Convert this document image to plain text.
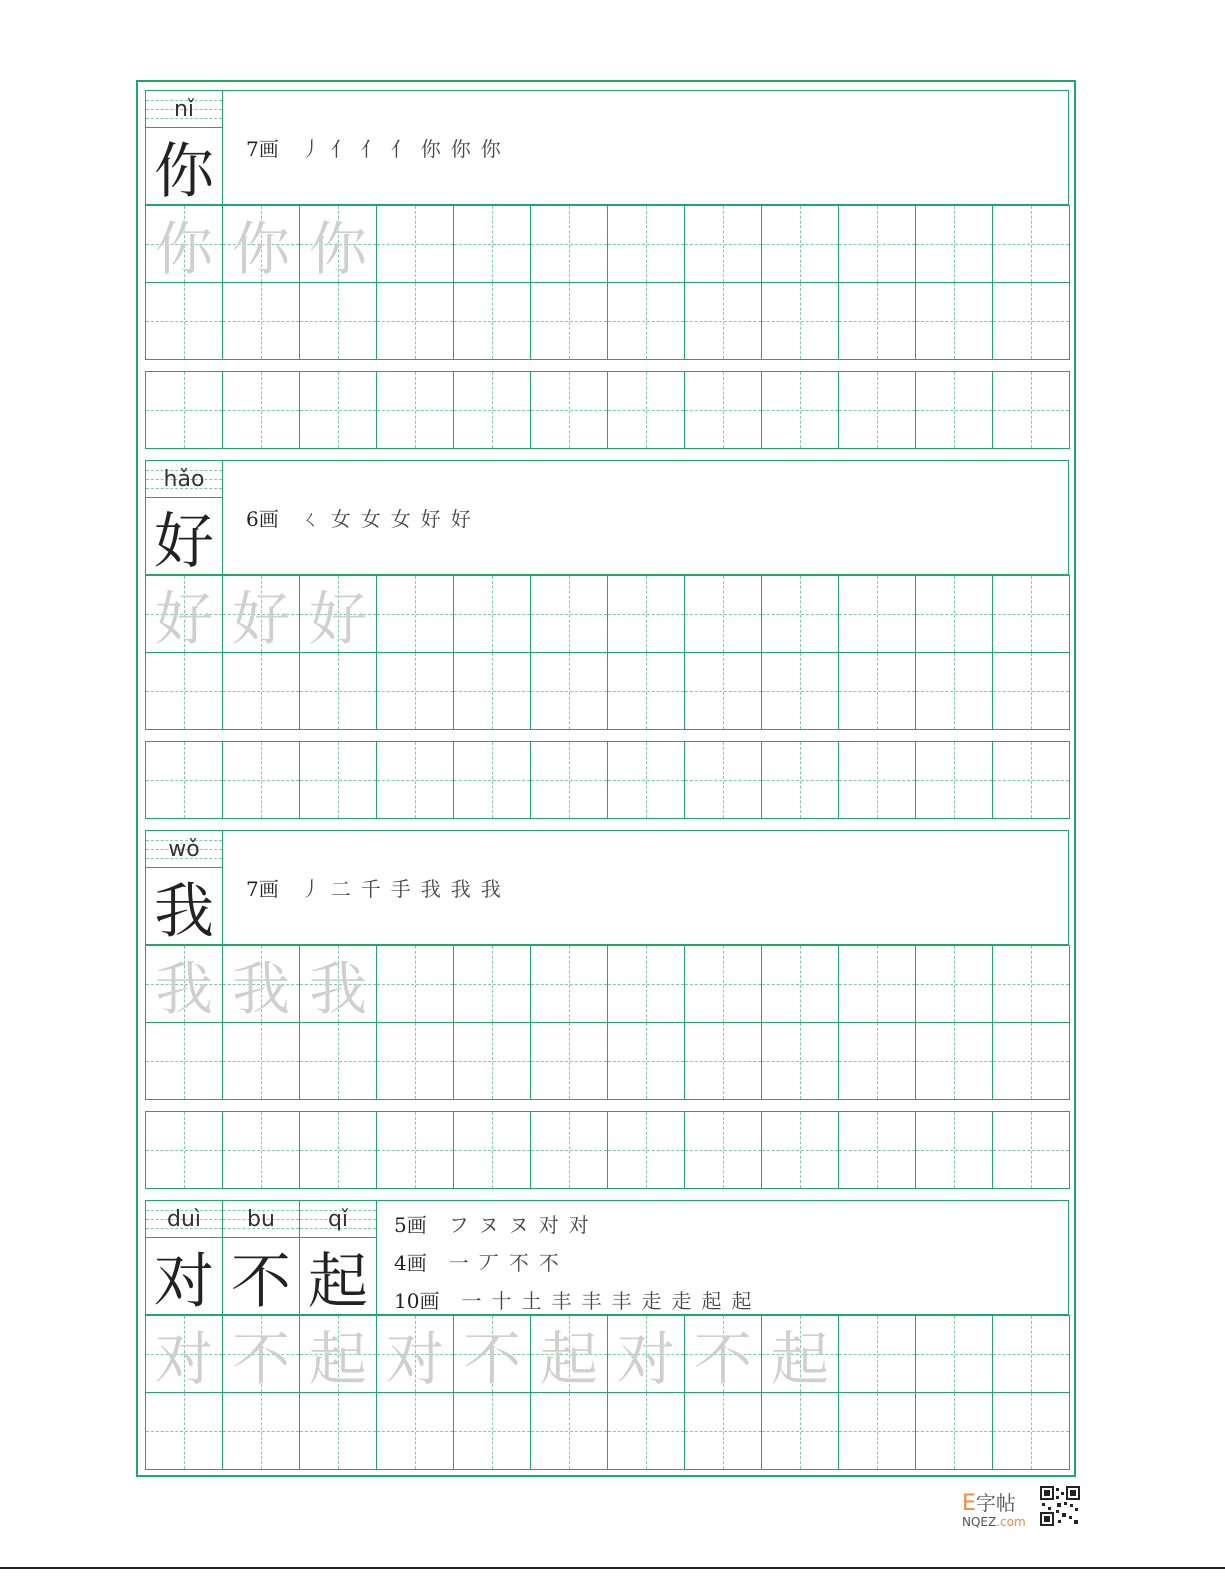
nǐ
你	7画 丿 亻 亻 亻 你 你 你
你 你 你
hǎo
好	6画 ㄑ 女 女 女 好 好
好 好 好
wǒ
我	7画 丿 二 千 手 我 我 我
我 我 我
duì
对
bu
不
qǐ
起
5画 フ ヌ ヌ 对 对
4画 一 丆 不 不
10画 一 十 土 丰 丰 丰 走 走 起 起
对 不 起 对 不 起 对 不 起
E字帖
NQEZ.com
